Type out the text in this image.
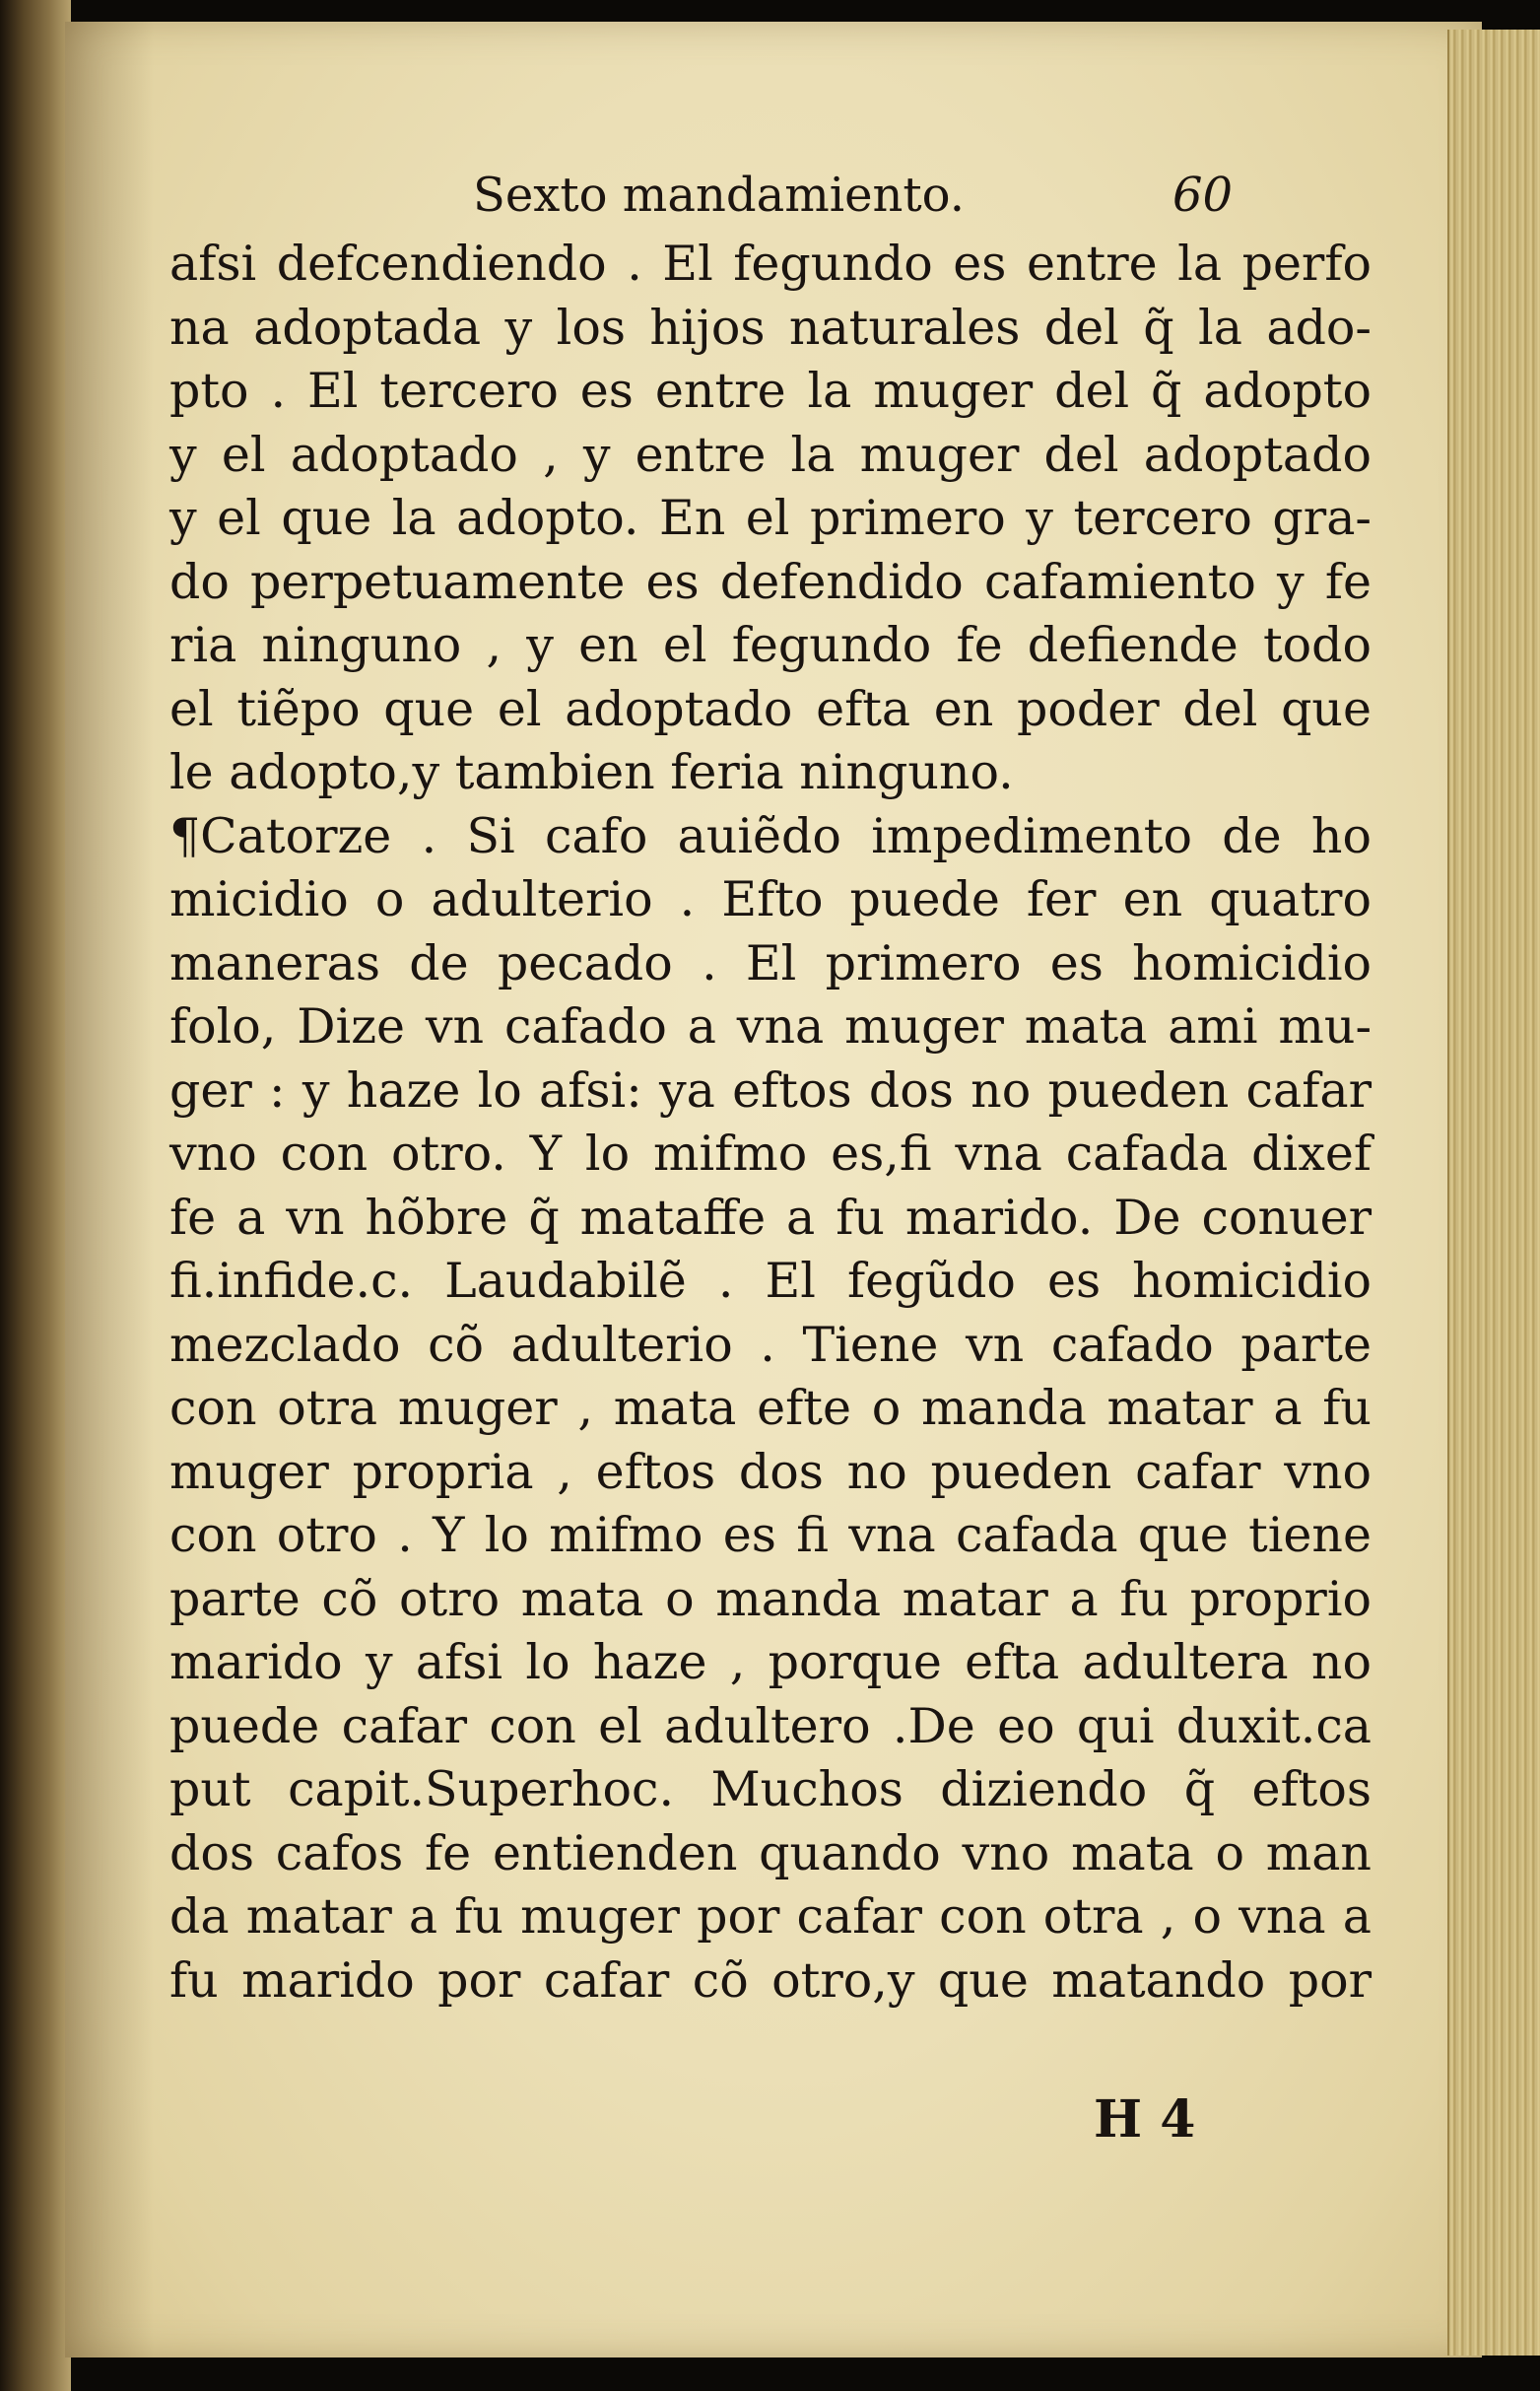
Sexto mandamiento.	60
afsi defcendiendo . El fegundo es entre la perfo
na adoptada y los hijos naturales del q̃ la ado-
pto . El tercero es entre la muger del q̃ adopto
y el adoptado , y entre la muger del adoptado
y el que la adopto. En el primero y tercero gra-
do perpetuamente es defendido cafamiento y fe
ria ninguno , y en el fegundo fe defiende todo
el tiẽpo que el adoptado efta en poder del que
le adopto,y tambien feria ninguno.
¶Catorze . Si cafo auiẽdo impedimento de ho
micidio o adulterio . Efto puede fer en quatro
maneras de pecado . El primero es homicidio
folo, Dize vn cafado a vna muger mata ami mu-
ger : y haze lo afsi: ya eftos dos no pueden cafar
vno con otro. Y lo mifmo es,fi vna cafada dixef
fe a vn hõbre q̃ mataffe a fu marido. De conuer
fi.infide.c. Laudabilẽ . El fegũdo es homicidio
mezclado cõ adulterio . Tiene vn cafado parte
con otra muger , mata efte o manda matar a fu
muger propria , eftos dos no pueden cafar vno
con otro . Y lo mifmo es fi vna cafada que tiene
parte cõ otro mata o manda matar a fu proprio
marido y afsi lo haze , porque efta adultera no
puede cafar con el adultero .De eo qui duxit.ca
put capit.Superhoc. Muchos diziendo q̃ eftos
dos cafos fe entienden quando vno mata o man
da matar a fu muger por cafar con otra , o vna a
fu marido por cafar cõ otro,y que matando por
H 4
